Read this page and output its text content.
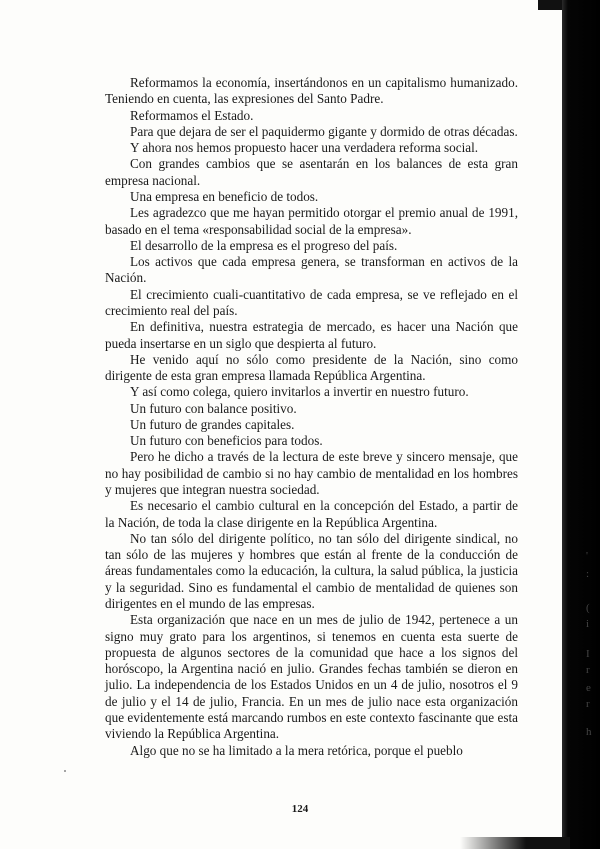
Reformamos la economía, insertándonos en un capitalismo humanizado. Teniendo en cuenta, las expresiones del Santo Padre.

Reformamos el Estado.

Para que dejara de ser el paquidermo gigante y dormido de otras décadas.

Y ahora nos hemos propuesto hacer una verdadera reforma social.

Con grandes cambios que se asentarán en los balances de esta gran empresa nacional.

Una empresa en beneficio de todos.

Les agradezco que me hayan permitido otorgar el premio anual de 1991, basado en el tema «responsabilidad social de la empresa».

El desarrollo de la empresa es el progreso del país.

Los activos que cada empresa genera, se transforman en activos de la Nación.

El crecimiento cuali-cuantitativo de cada empresa, se ve reflejado en el crecimiento real del país.

En definitiva, nuestra estrategia de mercado, es hacer una Nación que pueda insertarse en un siglo que despierta al futuro.

He venido aquí no sólo como presidente de la Nación, sino como dirigente de esta gran empresa llamada República Argentina.

Y así como colega, quiero invitarlos a invertir en nuestro futuro.

Un futuro con balance positivo.

Un futuro de grandes capitales.

Un futuro con beneficios para todos.

Pero he dicho a través de la lectura de este breve y sincero mensaje, que no hay posibilidad de cambio si no hay cambio de mentalidad en los hombres y mujeres que integran nuestra sociedad.

Es necesario el cambio cultural en la concepción del Estado, a partir de la Nación, de toda la clase dirigente en la República Argentina.

No tan sólo del dirigente político, no tan sólo del dirigente sindical, no tan sólo de las mujeres y hombres que están al frente de la conducción de áreas fundamentales como la educación, la cultura, la salud pública, la justicia y la seguridad. Sino es fundamental el cambio de mentalidad de quienes son dirigentes en el mundo de las empresas.

Esta organización que nace en un mes de julio de 1942, pertenece a un signo muy grato para los argentinos, si tenemos en cuenta esta suerte de propuesta de algunos sectores de la comunidad que hace a los signos del horóscopo, la Argentina nació en julio. Grandes fechas también se dieron en julio. La independencia de los Estados Unidos en un 4 de julio, nosotros el 9 de julio y el 14 de julio, Francia. En un mes de julio nace esta organización que evidentemente está marcando rumbos en este contexto fascinante que esta viviendo la República Argentina.

Algo que no se ha limitado a la mera retórica, porque el pueblo

124
'
:
(
i
I
r
e
r
h
